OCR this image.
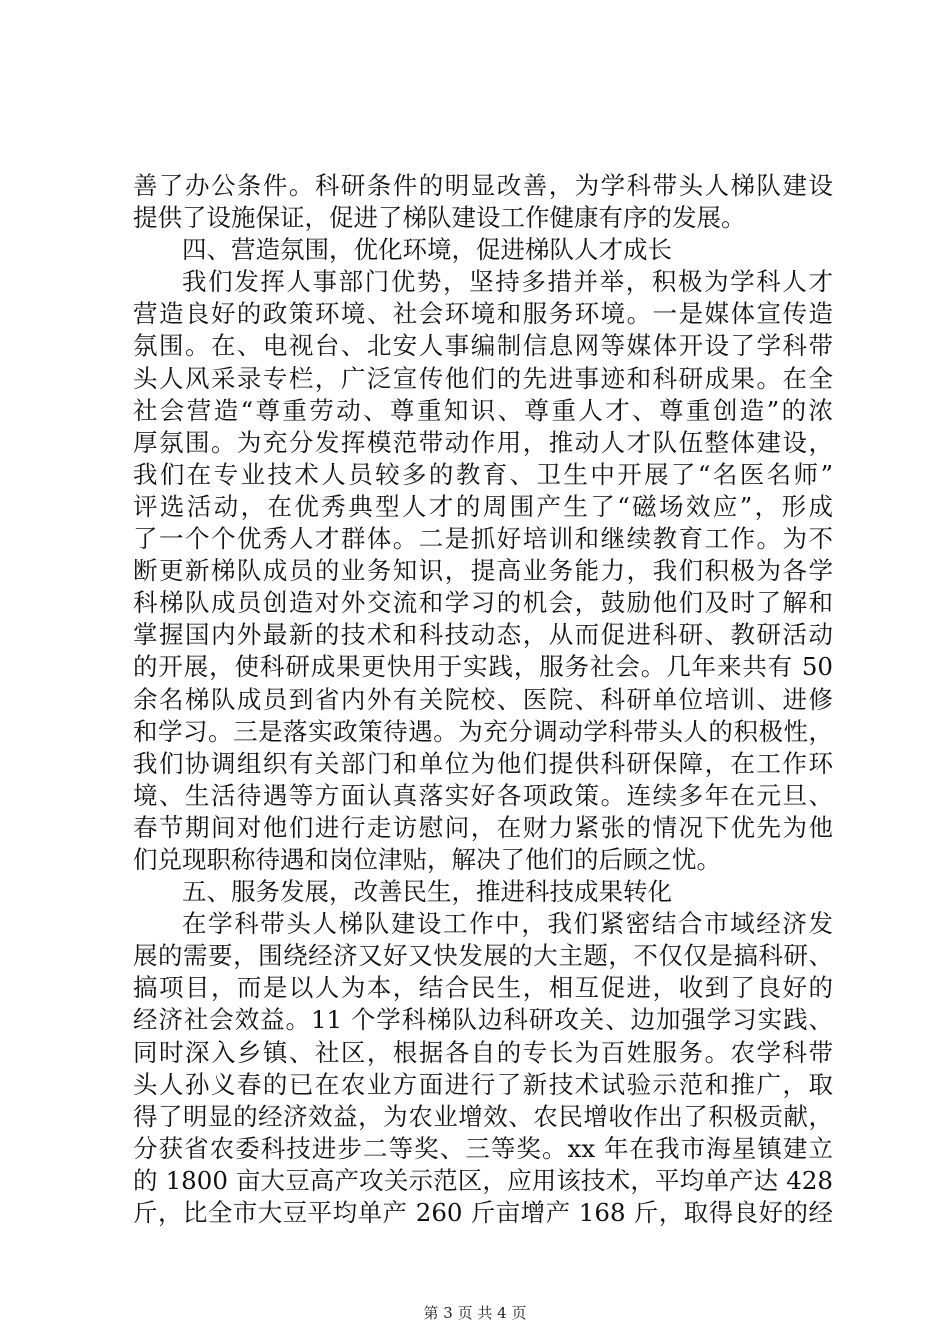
善了办公条件。科研条件的明显改善，为学科带头人梯队建设
提供了设施保证，促进了梯队建设工作健康有序的发展。
四、营造氛围，优化环境，促进梯队人才成长
我们发挥人事部门优势，坚持多措并举，积极为学科人才
营造良好的政策环境、社会环境和服务环境。一是媒体宣传造
氛围。在、电视台、北安人事编制信息网等媒体开设了学科带
头人风采录专栏，广泛宣传他们的先进事迹和科研成果。在全
社会营造“尊重劳动、尊重知识、尊重人才、尊重创造”的浓
厚氛围。为充分发挥模范带动作用，推动人才队伍整体建设，
我们在专业技术人员较多的教育、卫生中开展了“名医名师”
评选活动，在优秀典型人才的周围产生了“磁场效应”，形成
了一个个优秀人才群体。二是抓好培训和继续教育工作。为不
断更新梯队成员的业务知识，提高业务能力，我们积极为各学
科梯队成员创造对外交流和学习的机会，鼓励他们及时了解和
掌握国内外最新的技术和科技动态，从而促进科研、教研活动
的开展，使科研成果更快用于实践，服务社会。几年来共有 50
余名梯队成员到省内外有关院校、医院、科研单位培训、进修
和学习。三是落实政策待遇。为充分调动学科带头人的积极性，
我们协调组织有关部门和单位为他们提供科研保障，在工作环
境、生活待遇等方面认真落实好各项政策。连续多年在元旦、
春节期间对他们进行走访慰问，在财力紧张的情况下优先为他
们兑现职称待遇和岗位津贴，解决了他们的后顾之忧。
五、服务发展，改善民生，推进科技成果转化
在学科带头人梯队建设工作中，我们紧密结合市域经济发
展的需要，围绕经济又好又快发展的大主题，不仅仅是搞科研、
搞项目，而是以人为本，结合民生，相互促进，收到了良好的
经济社会效益。11 个学科梯队边科研攻关、边加强学习实践、
同时深入乡镇、社区，根据各自的专长为百姓服务。农学科带
头人孙义春的已在农业方面进行了新技术试验示范和推广，取
得了明显的经济效益，为农业增效、农民增收作出了积极贡献，
分获省农委科技进步二等奖、三等奖。xx 年在我市海星镇建立
的 1800 亩大豆高产攻关示范区，应用该技术，平均单产达 428
斤，比全市大豆平均单产 260 斤亩增产 168 斤，取得良好的经
第 3 页 共 4 页
